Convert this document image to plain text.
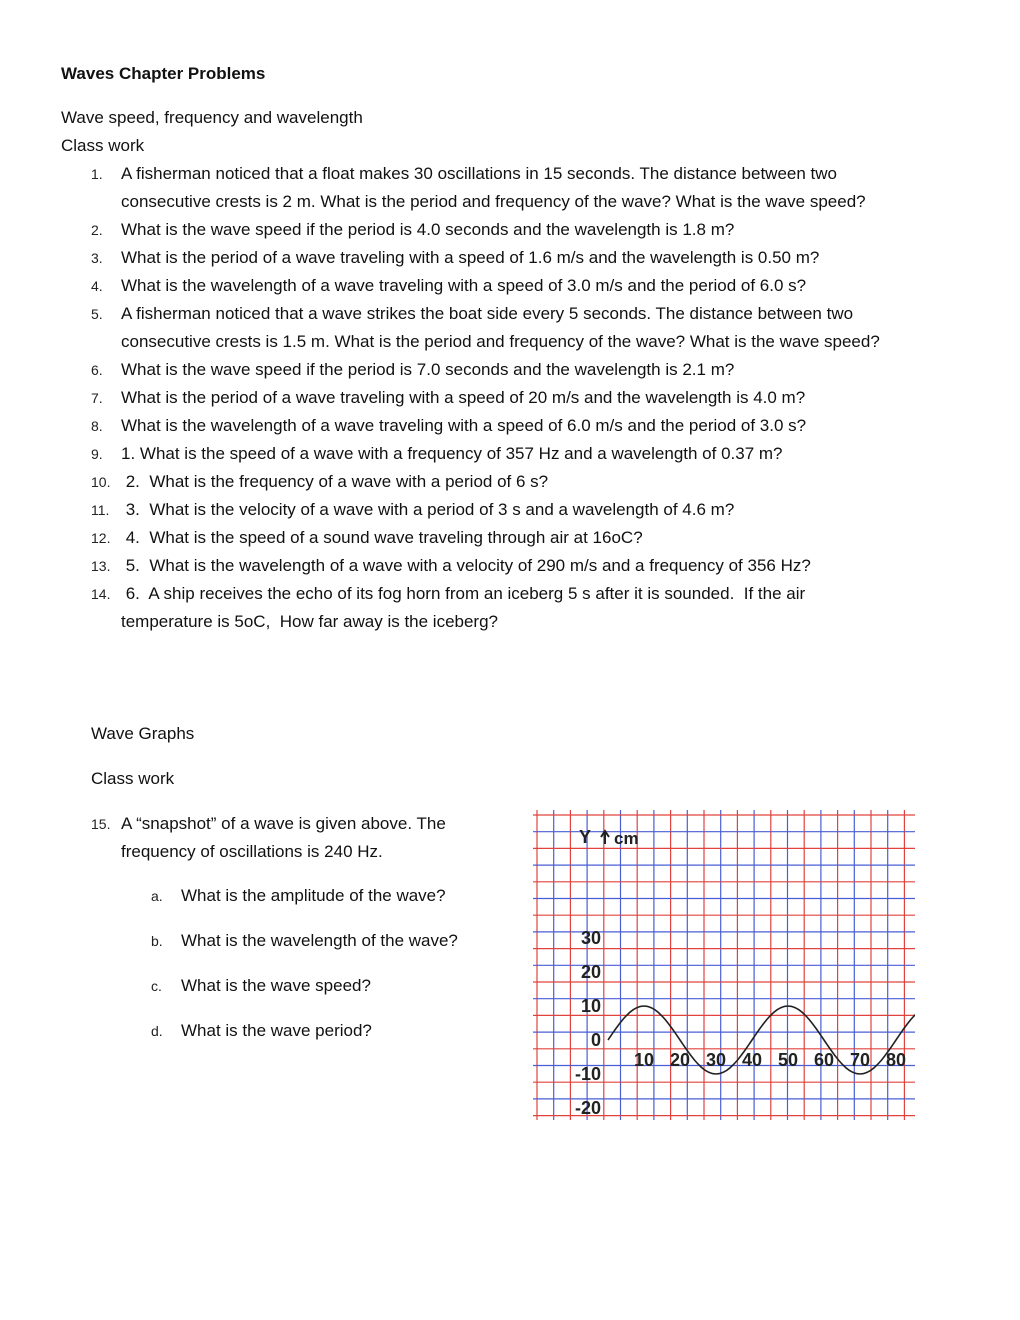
Waves Chapter Problems
Wave speed, frequency and wavelength
Class work
1. A fisherman noticed that a float makes 30 oscillations in 15 seconds. The distance between two
consecutive crests is 2 m. What is the period and frequency of the wave? What is the wave speed?
2. What is the wave speed if the period is 4.0 seconds and the wavelength is 1.8 m?
3. What is the period of a wave traveling with a speed of 1.6 m/s and the wavelength is 0.50 m?
4. What is the wavelength of a wave traveling with a speed of 3.0 m/s and the period of 6.0 s?
5. A fisherman noticed that a wave strikes the boat side every 5 seconds. The distance between two
consecutive crests is 1.5 m. What is the period and frequency of the wave? What is the wave speed?
6. What is the wave speed if the period is 7.0 seconds and the wavelength is 2.1 m?
7. What is the period of a wave traveling with a speed of 20 m/s and the wavelength is 4.0 m?
8. What is the wavelength of a wave traveling with a speed of 6.0 m/s and the period of 3.0 s?
9. 1. What is the speed of a wave with a frequency of 357 Hz and a wavelength of 0.37 m?
10. 2.  What is the frequency of a wave with a period of 6 s?
11. 3.  What is the velocity of a wave with a period of 3 s and a wavelength of 4.6 m?
12. 4.  What is the speed of a sound wave traveling through air at 16oC?
13. 5.  What is the wavelength of a wave with a velocity of 290 m/s and a frequency of 356 Hz?
14. 6.  A ship receives the echo of its fog horn from an iceberg 5 s after it is sounded.  If the air
temperature is 5oC,  How far away is the iceberg?
Wave Graphs
Class work
15. A “snapshot” of a wave is given above. The
frequency of oscillations is 240 Hz.
a. What is the amplitude of the wave?
b. What is the wavelength of the wave?
c. What is the wave speed?
d. What is the wave period?
Y cm
30
20
10
0
-10
-20
10 20 30 40 50 60 70 80
